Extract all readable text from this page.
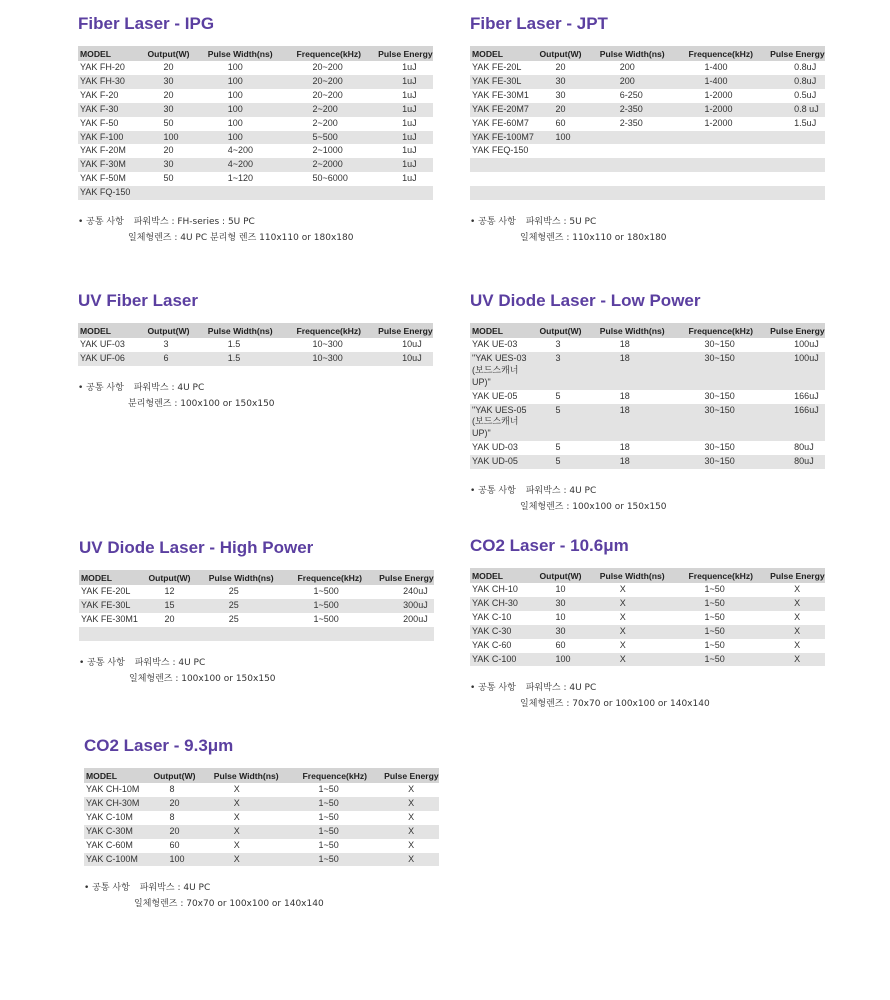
Fiber Laser - IPG
MODEL	Output(W)	Pulse Width(ns)	Frequence(kHz)	Pulse Energy
YAK FH-20	20	100	20~200	1uJ
YAK FH-30	30	100	20~200	1uJ
YAK F-20	20	100	20~200	1uJ
YAK F-30	30	100	2~200	1uJ
YAK F-50	50	100	2~200	1uJ
YAK F-100	100	100	5~500	1uJ
YAK F-20M	20	4~200	2~1000	1uJ
YAK F-30M	30	4~200	2~2000	1uJ
YAK F-50M	50	1~120	50~6000	1uJ
YAK FQ-150				
• 공통 사항 파워박스 : FH-series : 5U PC
일체형렌즈 : 4U PC 분리형 렌즈 110x110 or 180x180
Fiber Laser - JPT
MODEL	Output(W)	Pulse Width(ns)	Frequence(kHz)	Pulse Energy
YAK FE-20L	20	200	1-400	0.8uJ
YAK FE-30L	30	200	1-400	0.8uJ
YAK FE-30M1	30	6-250	1-2000	0.5uJ
YAK FE-20M7	20	2-350	1-2000	0.8 uJ
YAK FE-60M7	60	2-350	1-2000	1.5uJ
YAK FE-100M7	100			
YAK FEQ-150				

• 공통 사항 파워박스 : 5U PC
일체형렌즈 : 110x110 or 180x180
UV Fiber Laser
MODEL	Output(W)	Pulse Width(ns)	Frequence(kHz)	Pulse Energy
YAK UF-03	3	1.5	10~300	10uJ
YAK UF-06	6	1.5	10~300	10uJ
• 공통 사항 파워박스 : 4U PC
분리형렌즈 : 100x100 or 150x150
UV Diode Laser - Low Power
MODEL	Output(W)	Pulse Width(ns)	Frequence(kHz)	Pulse Energy
YAK UE-03	3	18	30~150	100uJ
"YAK UES-03
(보드스캐너UP)"	3	18	30~150	100uJ
YAK UE-05	5	18	30~150	166uJ
"YAK UES-05
(보드스캐너UP)"	5	18	30~150	166uJ
YAK UD-03	5	18	30~150	80uJ
YAK UD-05	5	18	30~150	80uJ
• 공통 사항 파워박스 : 4U PC
일체형렌즈 : 100x100 or 150x150
UV Diode Laser - High Power
MODEL	Output(W)	Pulse Width(ns)	Frequence(kHz)	Pulse Energy
YAK FE-20L	12	25	1~500	240uJ
YAK FE-30L	15	25	1~500	300uJ
YAK FE-30M1	20	25	1~500	200uJ

• 공통 사항 파워박스 : 4U PC
일체형렌즈 : 100x100 or 150x150
CO2 Laser - 10.6μm
MODEL	Output(W)	Pulse Width(ns)	Frequence(kHz)	Pulse Energy
YAK CH-10	10	X	1~50	X
YAK CH-30	30	X	1~50	X
YAK C-10	10	X	1~50	X
YAK C-30	30	X	1~50	X
YAK C-60	60	X	1~50	X
YAK C-100	100	X	1~50	X
• 공통 사항 파워박스 : 4U PC
일체형렌즈 : 70x70 or 100x100 or 140x140
CO2 Laser - 9.3μm
MODEL	Output(W)	Pulse Width(ns)	Frequence(kHz)	Pulse Energy
YAK CH-10M	8	X	1~50	X
YAK CH-30M	20	X	1~50	X
YAK C-10M	8	X	1~50	X
YAK C-30M	20	X	1~50	X
YAK C-60M	60	X	1~50	X
YAK C-100M	100	X	1~50	X
• 공통 사항 파워박스 : 4U PC
일체형렌즈 : 70x70 or 100x100 or 140x140
